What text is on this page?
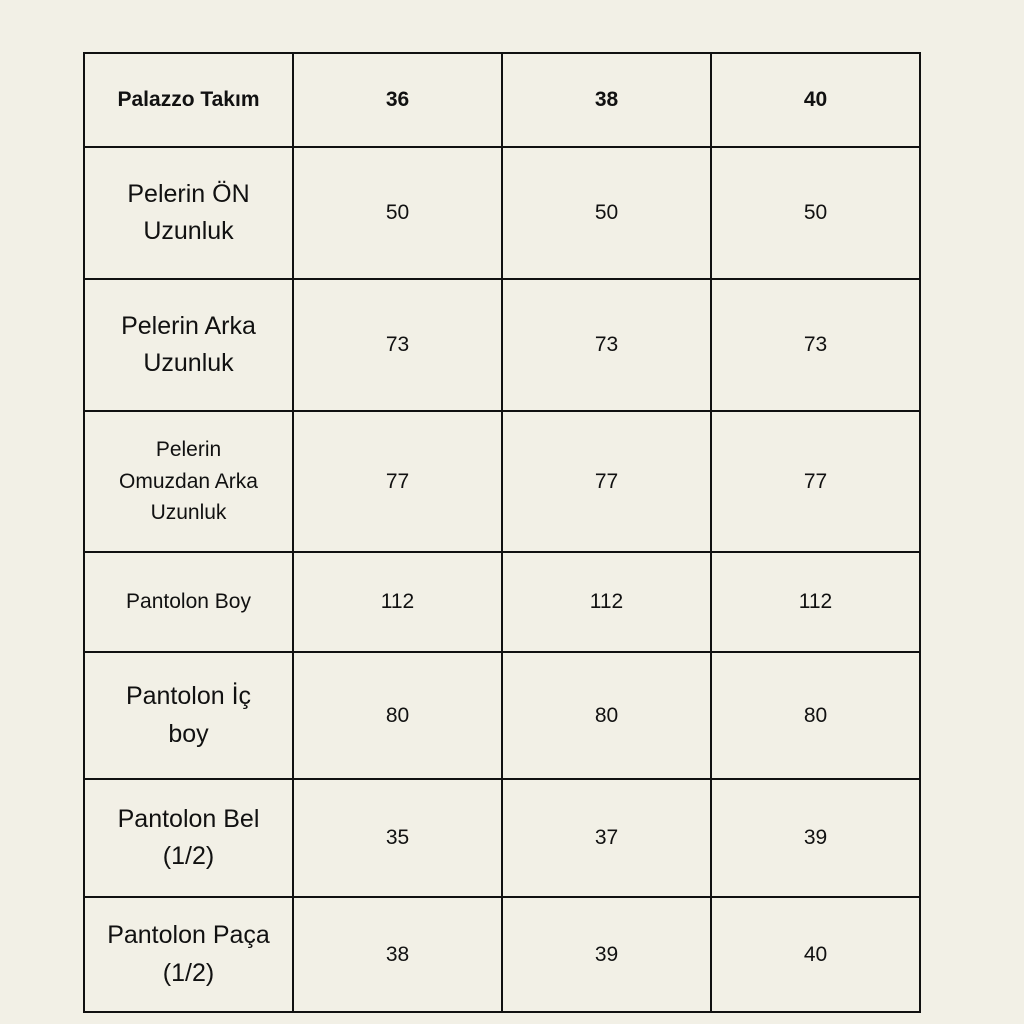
Palazzo Takım	36	38	40

Pelerin ÖN
Uzunluk	50	50	50

Pelerin Arka
Uzunluk	73	73	73

Pelerin
Omuzdan Arka
Uzunluk	77	77	77

Pantolon Boy	112	112	112

Pantolon İç
boy	80	80	80

Pantolon Bel
(1/2)	35	37	39

Pantolon Paça
(1/2)	38	39	40
